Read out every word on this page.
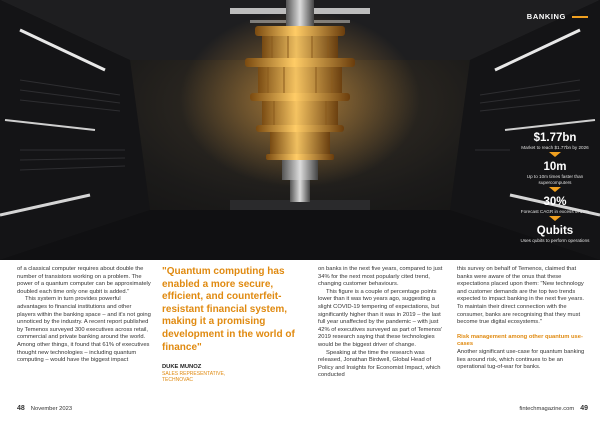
BANKING
$1.77bn
Market to reach $1.77bn by 2026
10m
Up to 10m times faster than supercomputers
30%
Forecast CAGR in excess of 30%
Qubits
Uses qubits to perform operations

of a classical computer requires about double the number of transistors working on a problem. The power of a quantum computer can be approximately doubled each time only one qubit is added."

This system in turn provides powerful advantages to financial institutions and other players within the banking space – and it's not going unnoticed by the industry. A recent report published by Temenos surveyed 300 executives across retail, commercial and private banking around the world. Among other things, it found that 61% of executives thought new technologies – including quantum computing – would have the biggest impact

"Quantum computing has enabled a more secure, efficient, and counterfeit-resistant financial system, making it a promising development in the world of finance"

DUKE MUNOZ
SALES REPRESENTATIVE,
TECHNOVAC

on banks in the next five years, compared to just 34% for the next most popularly cited trend, changing customer behaviours.

This figure is a couple of percentage points lower than it was two years ago, suggesting a slight COVID-19 tempering of expectations, but significantly higher than it was in 2019 – the last full year unaffected by the pandemic – with just 42% of executives surveyed as part of Temenos' 2019 research saying that these technologies would be the biggest driver of change.

Speaking at the time the research was released, Jonathan Birdwell, Global Head of Policy and Insights for Economist Impact, which conducted

this survey on behalf of Temenos, claimed that banks were aware of the onus that these expectations placed upon them: "New technology and customer demands are the top two trends expected to impact banking in the next five years. To maintain their direct connection with the consumer, banks are recognising that they must become true digital ecosystems."

Risk management among other quantum use-cases

Another significant use-case for quantum banking lies around risk, which continues to be an operational tug-of-war for banks.

48 November 2023	fintechmagazine.com 49
